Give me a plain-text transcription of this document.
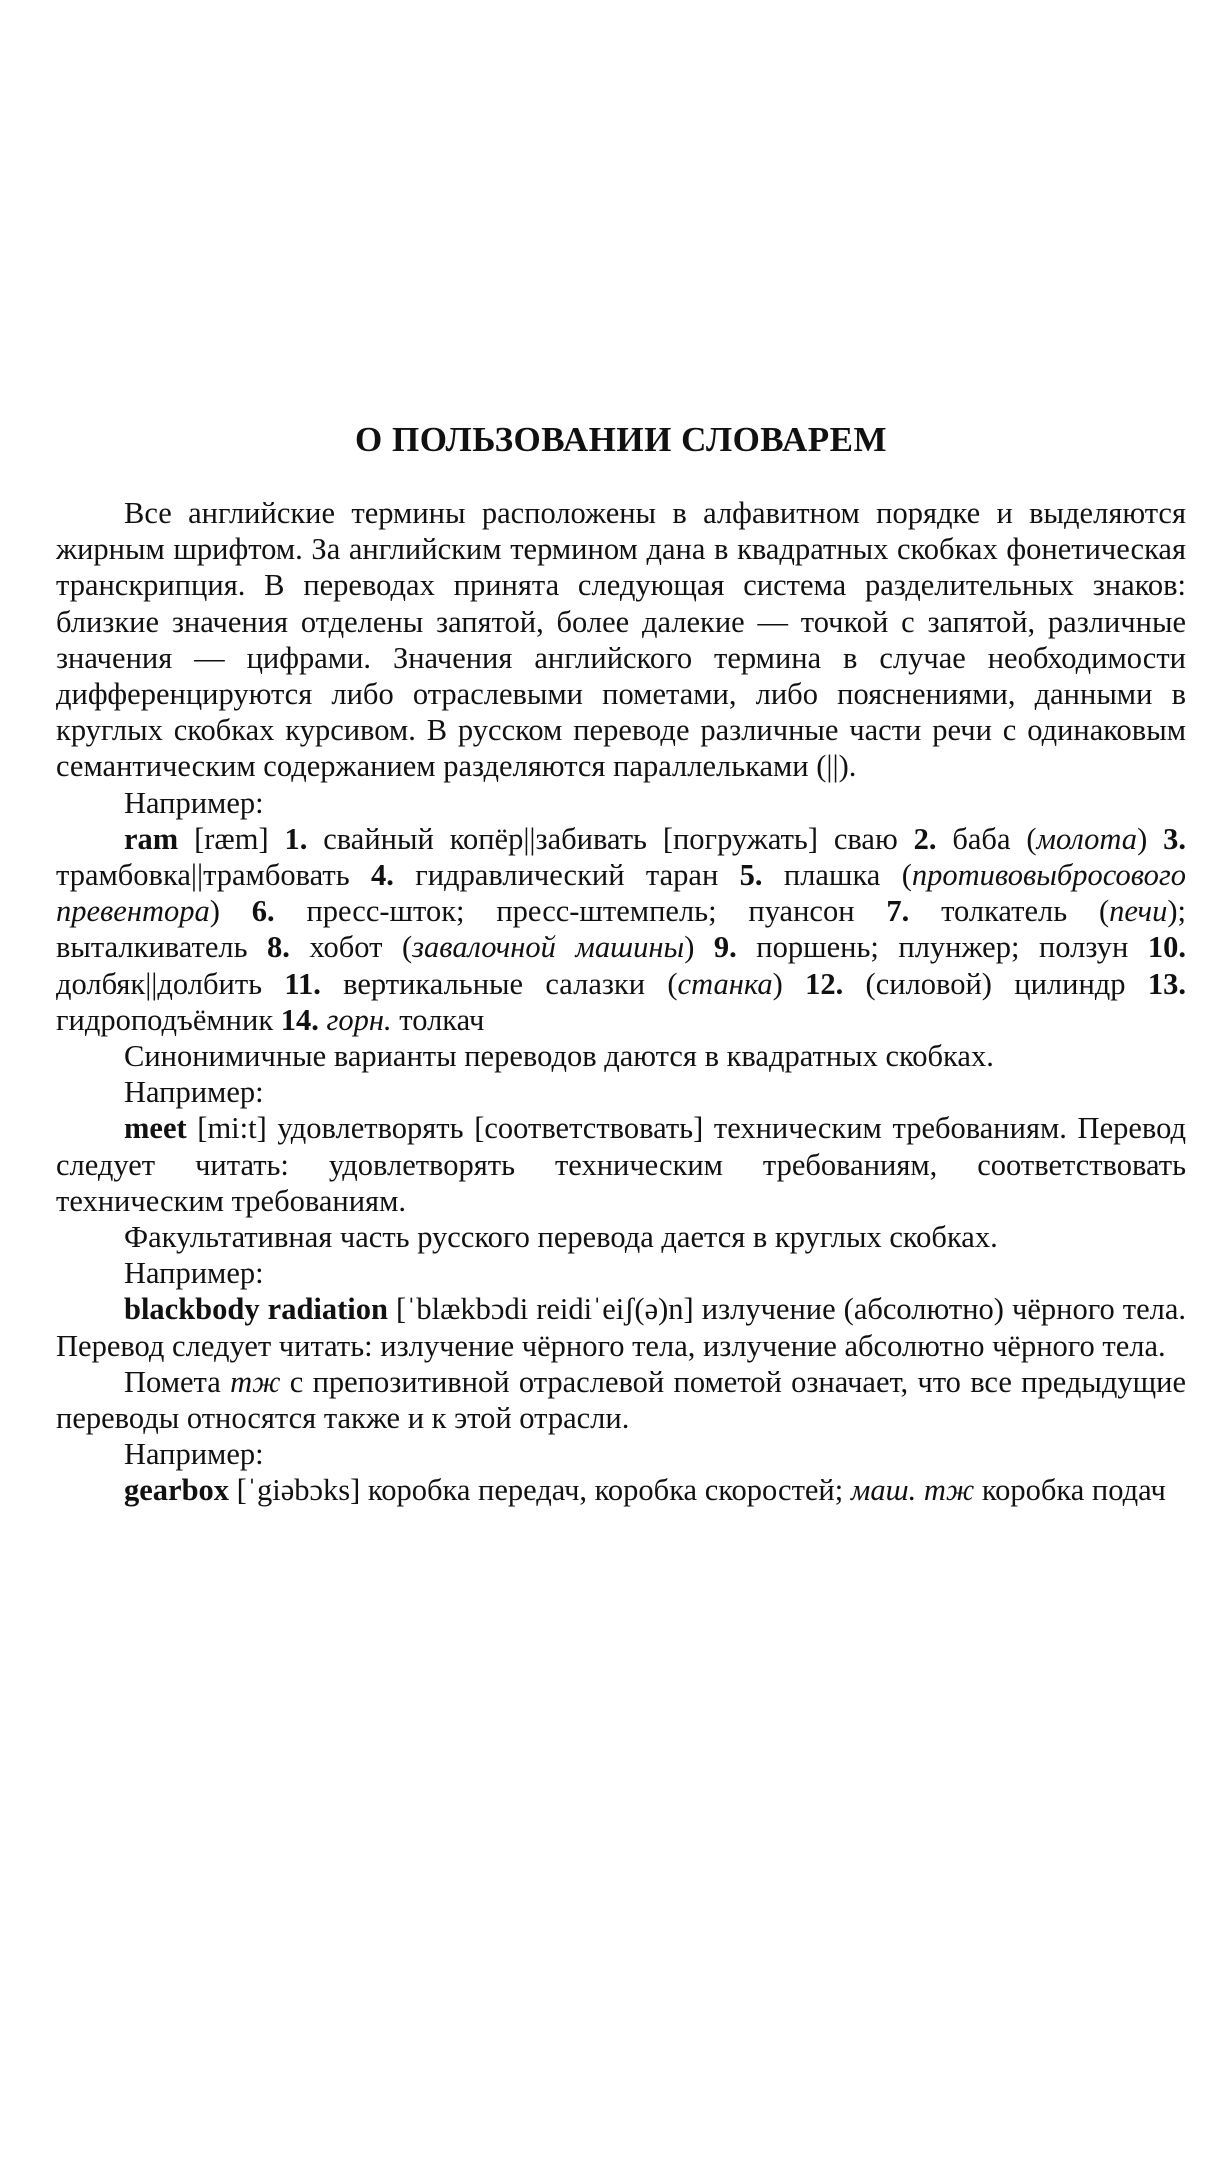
О ПОЛЬЗОВАНИИ СЛОВАРЕМ

Все английские термины расположены в алфавитном порядке и выделяются жирным шрифтом. За английским термином дана в квадратных скобках фонетическая транскрипция. В переводах принята следующая система разделительных знаков: близкие значения отделены запятой, более далекие — точкой с запятой, различные значения — цифрами. Значения английского термина в случае необходимости дифференцируются либо отраслевыми пометами, либо пояснениями, данными в круглых скобках курсивом. В русском переводе различные части речи с одинаковым семантическим содержанием разделяются параллельками (||).

Например:

ram [ræm] 1. свайный копёр||забивать [погружать] сваю 2. баба (молота) 3. трамбовка||трамбовать 4. гидравлический таран 5. плашка (противовыбросового превентора) 6. пресс-шток; пресс-штемпель; пуансон 7. толкатель (печи); выталкиватель 8. хобот (завалочной машины) 9. поршень; плунжер; ползун 10. долбяк||долбить 11. вертикальные салазки (станка) 12. (силовой) цилиндр 13. гидроподъёмник 14. горн. толкач

Синонимичные варианты переводов даются в квадратных скобках.

Например:

meet [mi:t] удовлетворять [соответствовать] техническим требованиям. Перевод следует читать: удовлетворять техническим требованиям, соответствовать техническим требованиям.

Факультативная часть русского перевода дается в круглых скобках.

Например:

blackbody radiation [ˈblækbɔdi reidiˈeiʃ(ə)n] излучение (абсолютно) чёрного тела. Перевод следует читать: излучение чёрного тела, излучение абсолютно чёрного тела.

Помета тж с препозитивной отраслевой пометой означает, что все предыдущие переводы относятся также и к этой отрасли.

Например:

gearbox [ˈgiəbɔks] коробка передач, коробка скоростей; маш. тж коробка подач
